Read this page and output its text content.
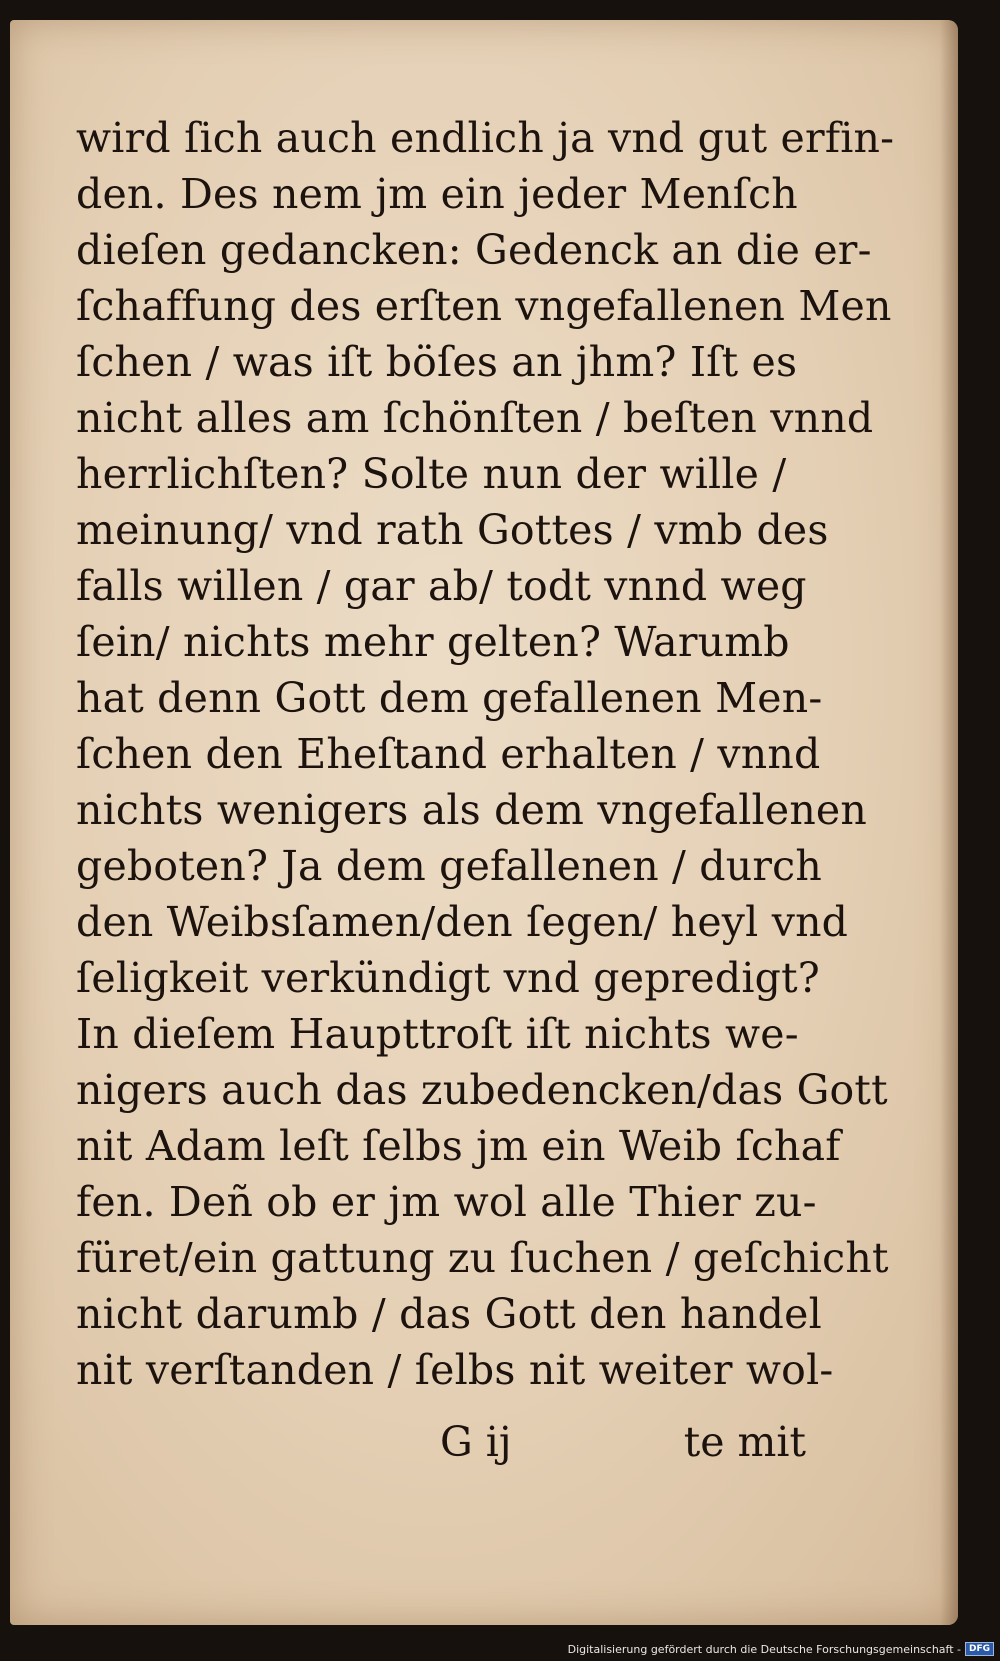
wird ſich auch endlich ja vnd gut erfin-
den. Des nem jm ein jeder Menſch
dieſen gedancken: Gedenck an die er-
ſchaffung des erſten vngefallenen Men
ſchen / was iſt böſes an jhm? Iſt es
nicht alles am ſchönſten / beſten vnnd
herrlichſten? Solte nun der wille /
meinung/ vnd rath Gottes / vmb des
falls willen / gar ab/ todt vnnd weg
ſein/ nichts mehr gelten? Warumb
hat denn Gott dem gefallenen Men-
ſchen den Eheſtand erhalten / vnnd
nichts wenigers als dem vngefallenen
geboten? Ja dem gefallenen / durch
den Weibsſamen/den ſegen/ heyl vnd
ſeligkeit verkündigt vnd gepredigt?
In dieſem Haupttroſt iſt nichts we-
nigers auch das zubedencken/das Gott
nit Adam leſt ſelbs jm ein Weib ſchaf
fen. Deñ ob er jm wol alle Thier zu-
füret/ein gattung zu ſuchen / geſchicht
nicht darumb / das Gott den handel
nit verſtanden / ſelbs nit weiter wol-
G ij	te mit
Digitalisierung gefördert durch die Deutsche Forschungsgemeinschaft - DFG
